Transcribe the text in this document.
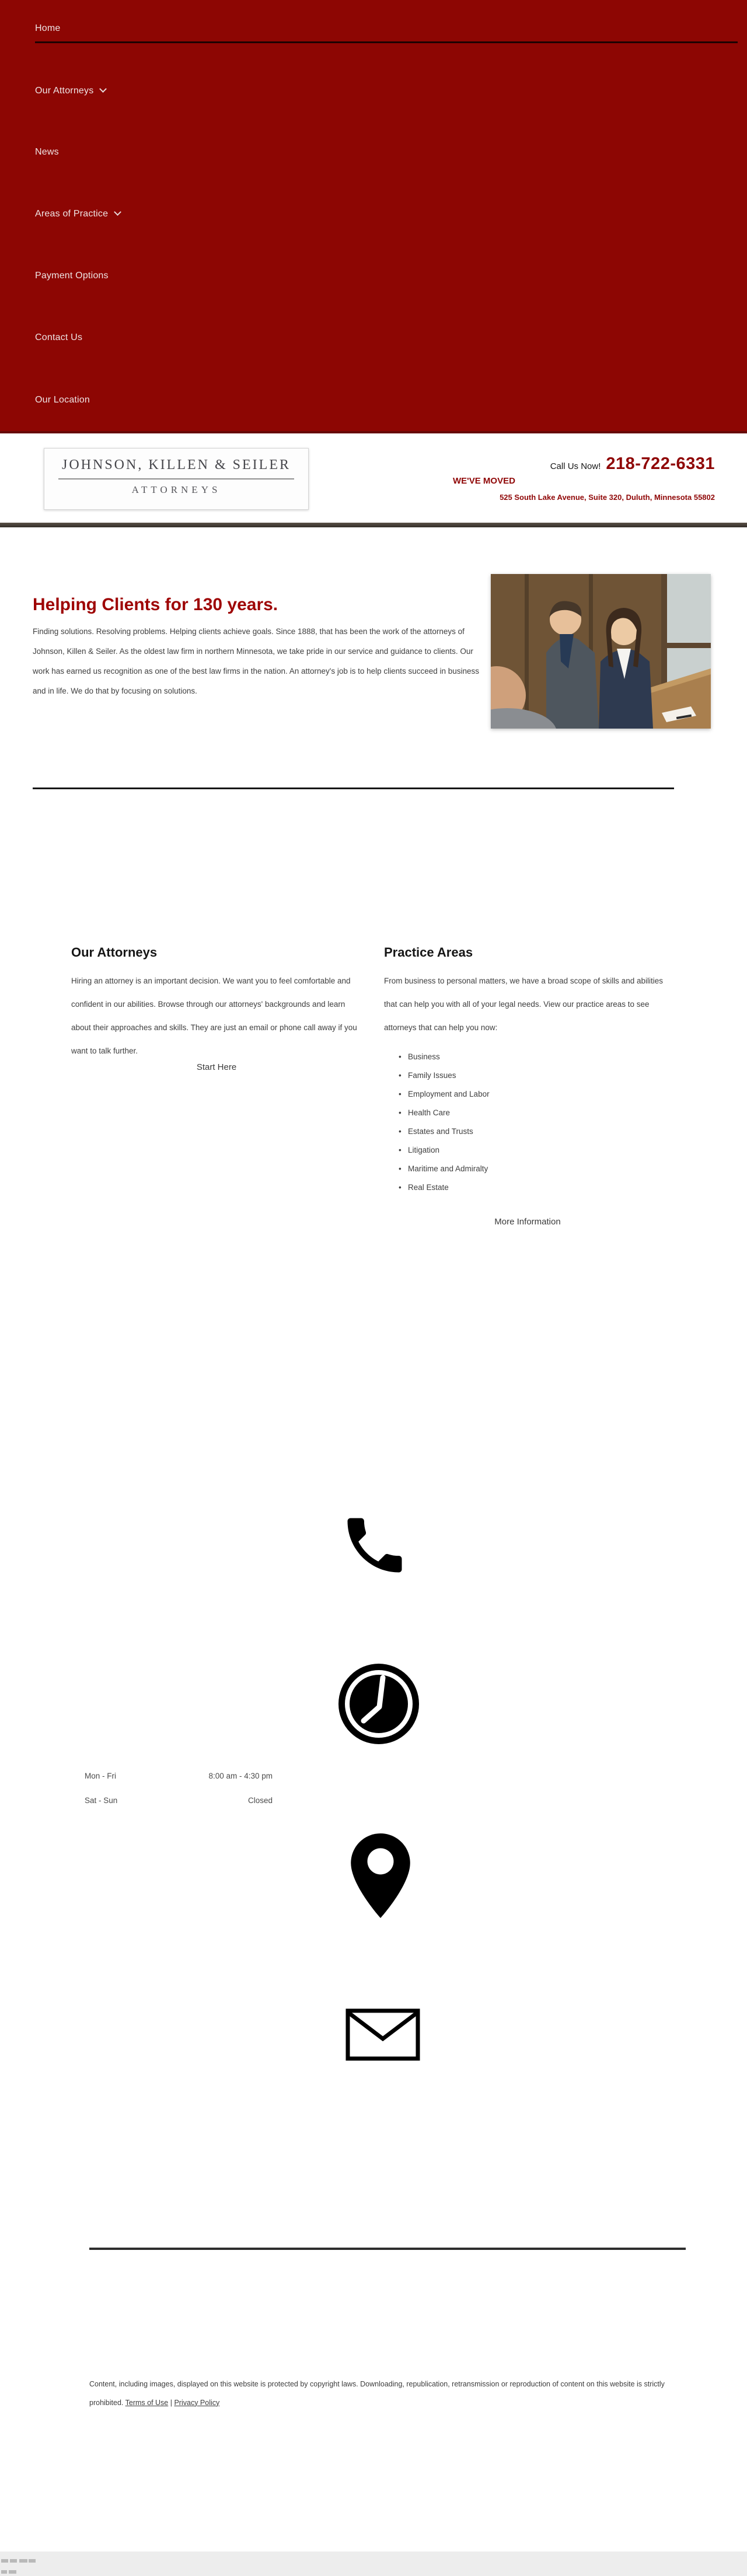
Home
Our Attorneys
News
Areas of Practice
Payment Options
Contact Us
Our Location
JOHNSON, KILLEN & SEILER
ATTORNEYS
Call Us Now! 218-722-6331
WE'VE MOVED
525 South Lake Avenue, Suite 320, Duluth, Minnesota 55802
Helping Clients for 130 years.

Finding solutions. Resolving problems. Helping clients achieve goals. Since 1888, that has been the work of the attorneys of Johnson, Killen & Seiler. As the oldest law firm in northern Minnesota, we take pride in our service and guidance to clients. Our work has earned us recognition as one of the best law firms in the nation. An attorney's job is to help clients succeed in business and in life. We do that by focusing on solutions.

Our Attorneys

Hiring an attorney is an important decision. We want you to feel comfortable and confident in our abilities. Browse through our attorneys' backgrounds and learn about their approaches and skills. They are just an email or phone call away if you want to talk further.

Start Here
Practice Areas

From business to personal matters, we have a broad scope of skills and abilities that can help you with all of your legal needs. View our practice areas to see attorneys that can help you now:

• Business
• Family Issues
• Employment and Labor
• Health Care
• Estates and Trusts
• Litigation
• Maritime and Admiralty
• Real Estate
More Information
Mon - Fri	8:00 am - 4:30 pm
Sat - Sun	Closed

Content, including images, displayed on this website is protected by copyright laws. Downloading, republication, retransmission or reproduction of content on this website is strictly prohibited. Terms of Use | Privacy Policy
